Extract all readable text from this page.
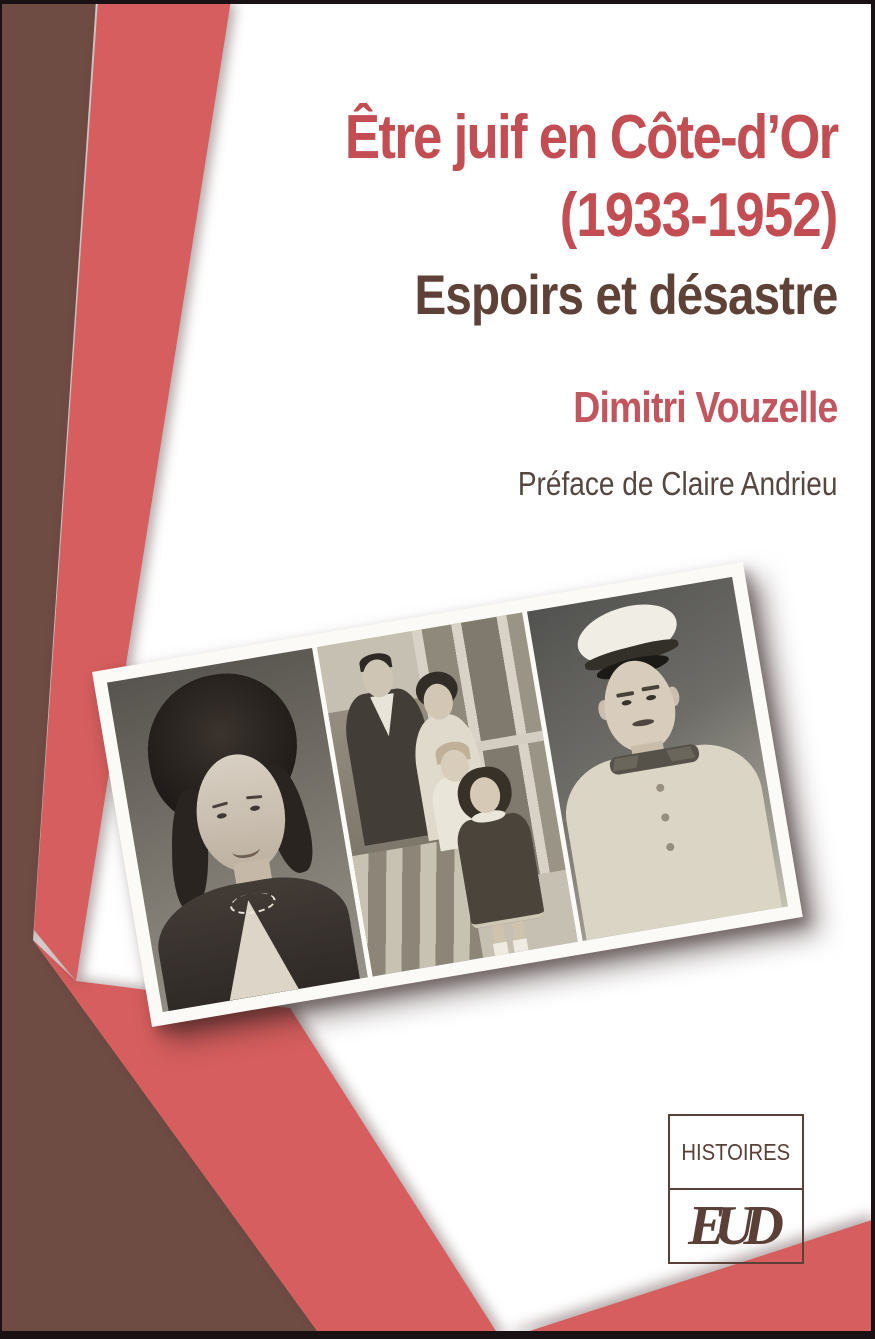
Être juif en Côte-d’Or
(1933-1952)
Espoirs et désastre
Dimitri Vouzelle
Préface de Claire Andrieu
HISTOIRES
EUD
